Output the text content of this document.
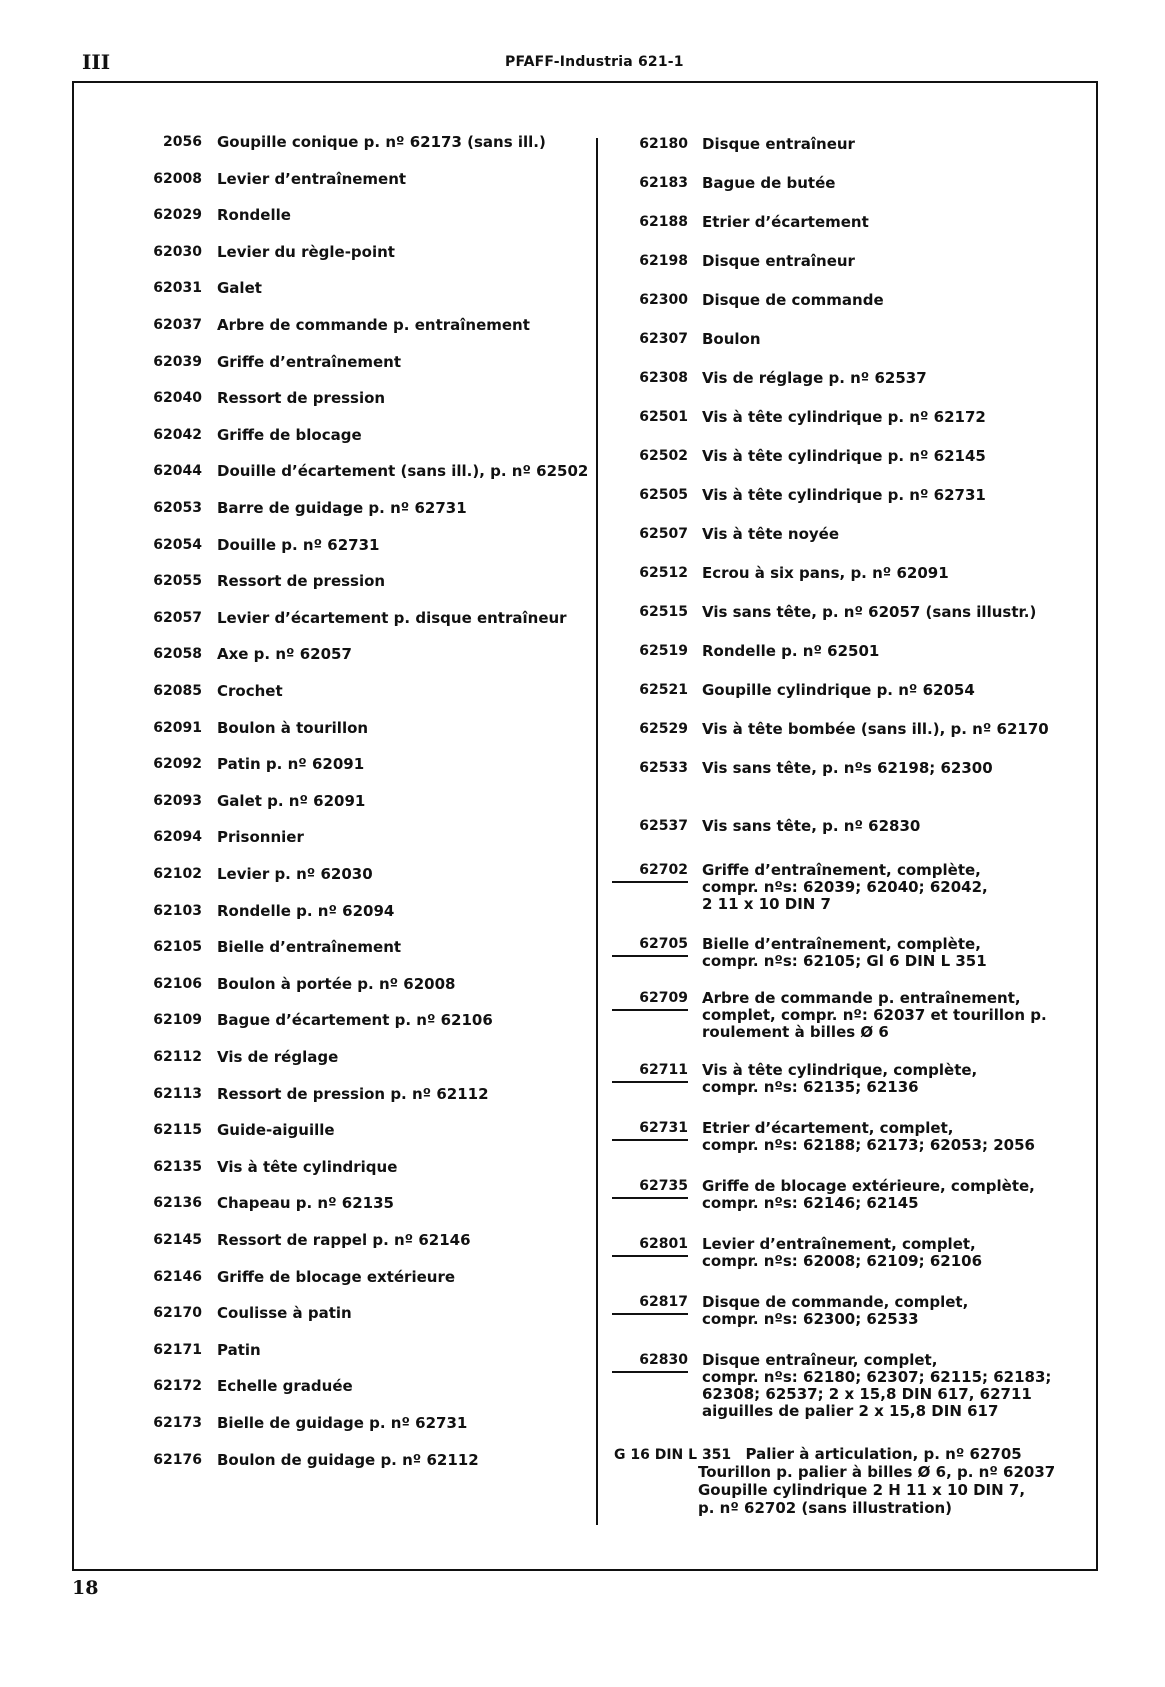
III	PFAFF-Industria 621-1
2056 Goupille conique p. nº 62173 (sans ill.)
62008 Levier d’entraînement
62029 Rondelle
62030 Levier du règle-point
62031 Galet
62037 Arbre de commande p. entraînement
62039 Griffe d’entraînement
62040 Ressort de pression
62042 Griffe de blocage
62044 Douille d’écartement (sans ill.), p. nº 62502
62053 Barre de guidage p. nº 62731
62054 Douille p. nº 62731
62055 Ressort de pression
62057 Levier d’écartement p. disque entraîneur
62058 Axe p. nº 62057
62085 Crochet
62091 Boulon à tourillon
62092 Patin p. nº 62091
62093 Galet p. nº 62091
62094 Prisonnier
62102 Levier p. nº 62030
62103 Rondelle p. nº 62094
62105 Bielle d’entraînement
62106 Boulon à portée p. nº 62008
62109 Bague d’écartement p. nº 62106
62112 Vis de réglage
62113 Ressort de pression p. nº 62112
62115 Guide-aiguille
62135 Vis à tête cylindrique
62136 Chapeau p. nº 62135
62145 Ressort de rappel p. nº 62146
62146 Griffe de blocage extérieure
62170 Coulisse à patin
62171 Patin
62172 Echelle graduée
62173 Bielle de guidage p. nº 62731
62176 Boulon de guidage p. nº 62112
62180 Disque entraîneur
62183 Bague de butée
62188 Etrier d’écartement
62198 Disque entraîneur
62300 Disque de commande
62307 Boulon
62308 Vis de réglage p. nº 62537
62501 Vis à tête cylindrique p. nº 62172
62502 Vis à tête cylindrique p. nº 62145
62505 Vis à tête cylindrique p. nº 62731
62507 Vis à tête noyée
62512 Ecrou à six pans, p. nº 62091
62515 Vis sans tête, p. nº 62057 (sans illustr.)
62519 Rondelle p. nº 62501
62521 Goupille cylindrique p. nº 62054
62529 Vis à tête bombée (sans ill.), p. nº 62170
62533 Vis sans tête, p. nºs 62198; 62300
62537 Vis sans tête, p. nº 62830
62702 Griffe d’entraînement, complète,
compr. nºs: 62039; 62040; 62042,
2 11 x 10 DIN 7
62705 Bielle d’entraînement, complète,
compr. nºs: 62105; Gl 6 DIN L 351
62709 Arbre de commande p. entraînement,
complet, compr. nº: 62037 et tourillon p.
roulement à billes Ø 6
62711 Vis à tête cylindrique, complète,
compr. nºs: 62135; 62136
62731 Etrier d’écartement, complet,
compr. nºs: 62188; 62173; 62053; 2056
62735 Griffe de blocage extérieure, complète,
compr. nºs: 62146; 62145
62801 Levier d’entraînement, complet,
compr. nºs: 62008; 62109; 62106
62817 Disque de commande, complet,
compr. nºs: 62300; 62533
62830 Disque entraîneur, complet,
compr. nºs: 62180; 62307; 62115; 62183;
62308; 62537; 2 x 15,8 DIN 617, 62711
aiguilles de palier 2 x 15,8 DIN 617
G 16 DIN L 351 Palier à articulation, p. nº 62705
Tourillon p. palier à billes Ø 6, p. nº 62037
Goupille cylindrique 2 H 11 x 10 DIN 7,
p. nº 62702 (sans illustration)
18
